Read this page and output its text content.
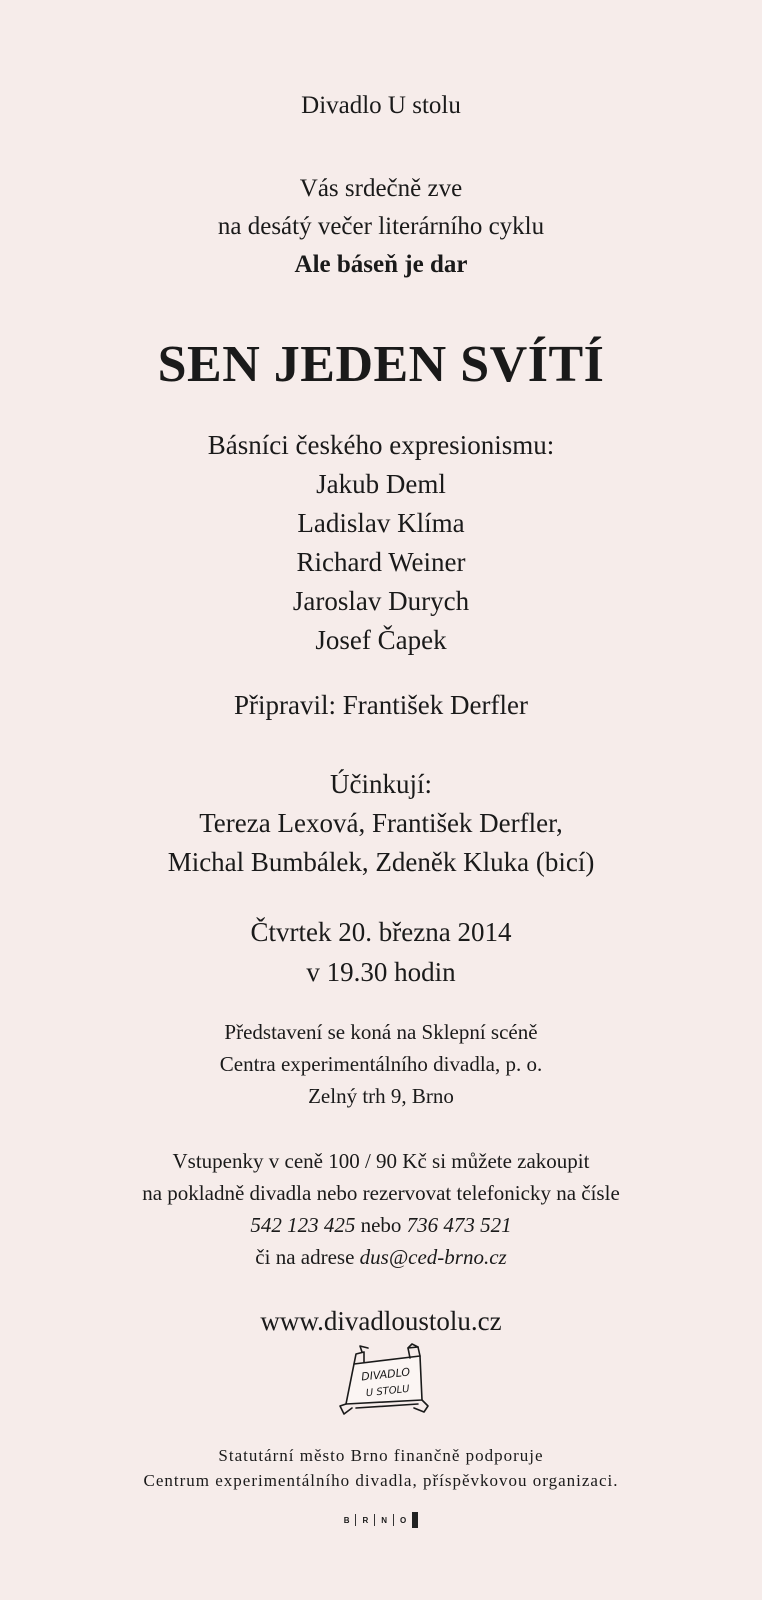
Divadlo U stolu

Vás srdečně zve
na desátý večer literárního cyklu
Ale báseň je dar
SEN JEDEN SVÍTÍ
Básníci českého expresionismu:
Jakub Deml
Ladislav Klíma
Richard Weiner
Jaroslav Durych
Josef Čapek

Připravil: František Derfler

Účinkují:
Tereza Lexová, František Derfler,
Michal Bumbálek, Zdeněk Kluka (bicí)
Čtvrtek 20. března 2014
v 19.30 hodin
Představení se koná na Sklepní scéně
Centra experimentálního divadla, p. o.
Zelný trh 9, Brno
Vstupenky v ceně 100 / 90 Kč si můžete zakoupit
na pokladně divadla nebo rezervovat telefonicky na čísle
542 123 425 nebo 736 473 521
či na adrese dus@ced-brno.cz

www.divadloustolu.cz

DIVADLO
U STOLU
Statutární město Brno finančně podporuje
Centrum experimentálního divadla, příspěvkovou organizaci.
B	R	N	O
